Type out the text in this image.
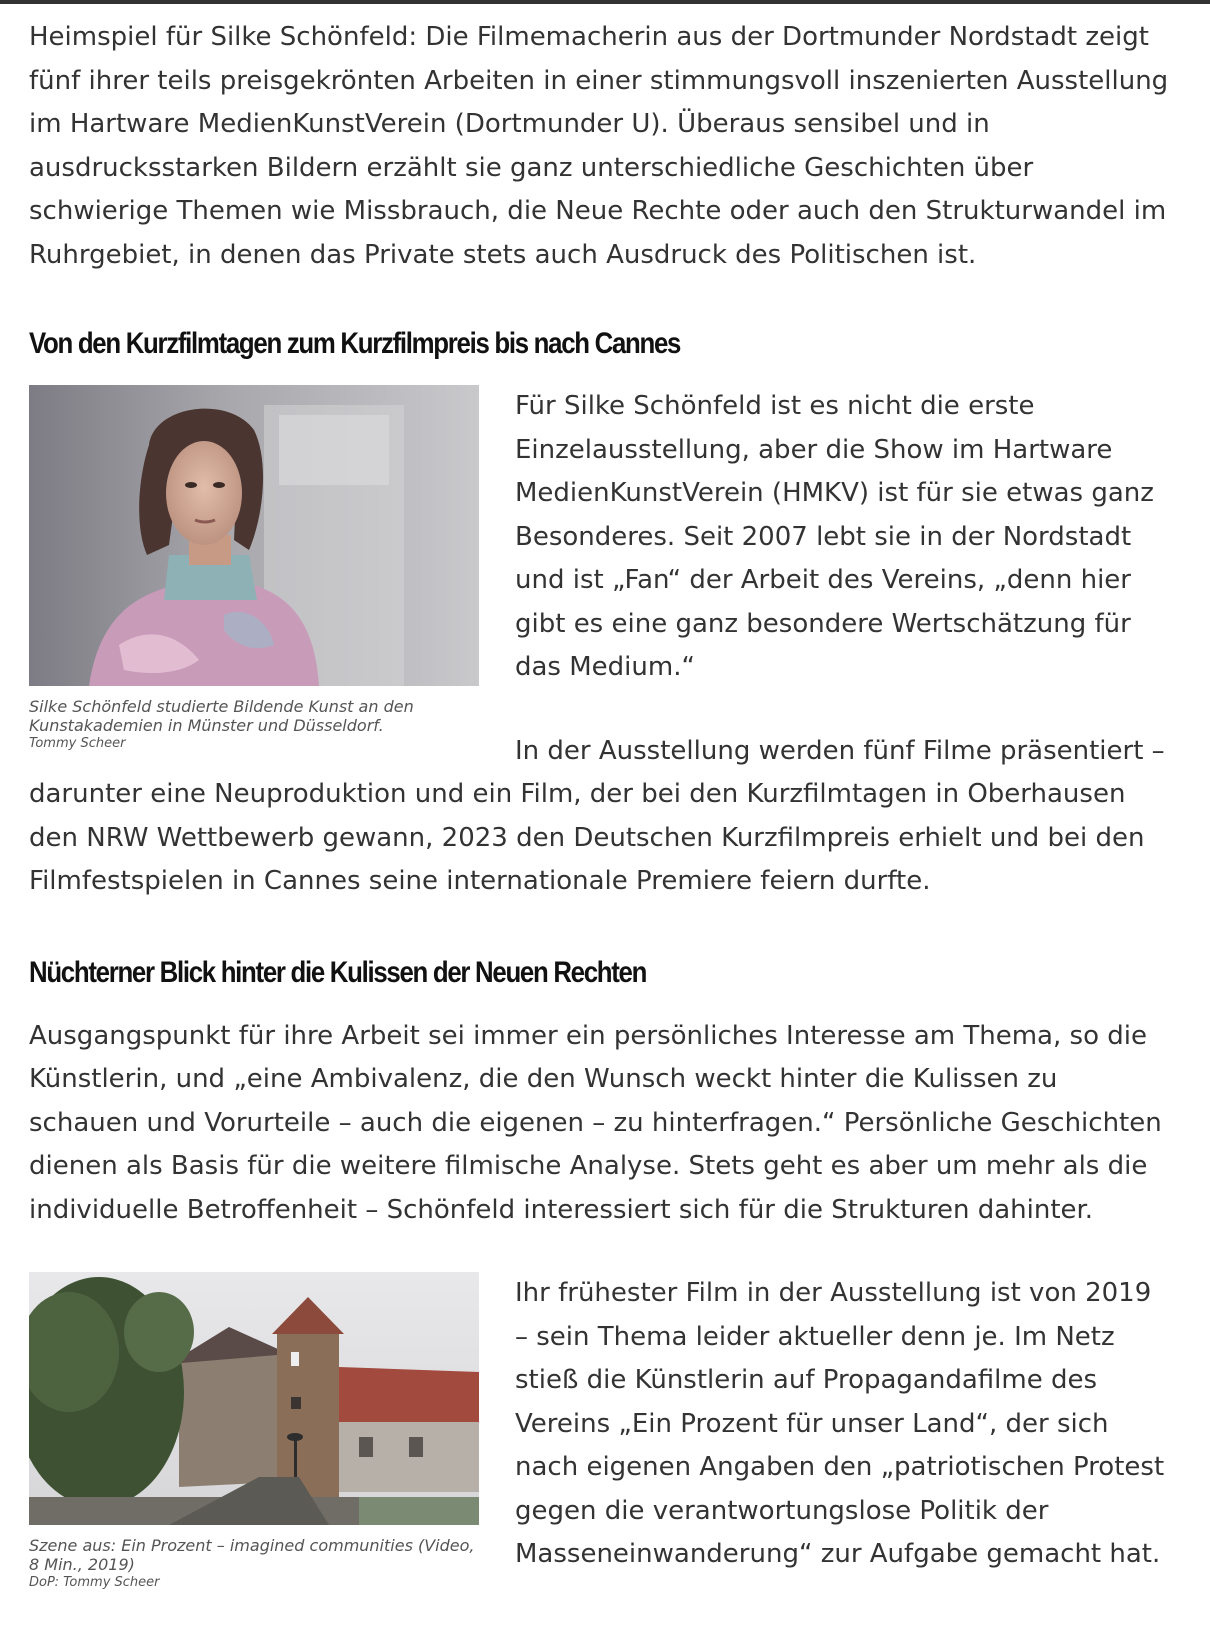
Heimspiel für Silke Schönfeld: Die Filmemacherin aus der Dortmunder Nordstadt zeigt fünf ihrer teils preisgekrönten Arbeiten in einer stimmungsvoll inszenierten Ausstellung im Hartware MedienKunstVerein (Dortmunder U). Überaus sensibel und in ausdrucksstarken Bildern erzählt sie ganz unterschiedliche Geschichten über schwierige Themen wie Missbrauch, die Neue Rechte oder auch den Strukturwandel im Ruhrgebiet, in denen das Private stets auch Ausdruck des Politischen ist.

Von den Kurzfilmtagen zum Kurzfilmpreis bis nach Cannes
Silke Schönfeld studierte Bildende Kunst an den Kunstakademien in Münster und Düsseldorf.
Tommy Scheer

Für Silke Schönfeld ist es nicht die erste Einzelausstellung, aber die Show im Hartware MedienKunstVerein (HMKV) ist für sie etwas ganz Besonderes. Seit 2007 lebt sie in der Nordstadt und ist „Fan“ der Arbeit des Vereins, „denn hier gibt es eine ganz besondere Wertschätzung für das Medium.“

In der Ausstellung werden fünf Filme präsentiert – darunter eine Neuproduktion und ein Film, der bei den Kurzfilmtagen in Oberhausen den NRW Wettbewerb gewann, 2023 den Deutschen Kurzfilmpreis erhielt und bei den Filmfestspielen in Cannes seine internationale Premiere feiern durfte.

Nüchterner Blick hinter die Kulissen der Neuen Rechten

Ausgangspunkt für ihre Arbeit sei immer ein persönliches Interesse am Thema, so die Künstlerin, und „eine Ambivalenz, die den Wunsch weckt hinter die Kulissen zu schauen und Vorurteile – auch die eigenen – zu hinterfragen.“ Persönliche Geschichten dienen als Basis für die weitere filmische Analyse. Stets geht es aber um mehr als die individuelle Betroffenheit – Schönfeld interessiert sich für die Strukturen dahinter.

Szene aus: Ein Prozent – imagined communities (Video, 8 Min., 2019)
DoP: Tommy Scheer

Ihr frühester Film in der Ausstellung ist von 2019 – sein Thema leider aktueller denn je. Im Netz stieß die Künstlerin auf Propagandafilme des Vereins „Ein Prozent für unser Land“, der sich nach eigenen Angaben den „patriotischen Protest gegen die verantwortungslose Politik der Masseneinwanderung“ zur Aufgabe gemacht hat.
